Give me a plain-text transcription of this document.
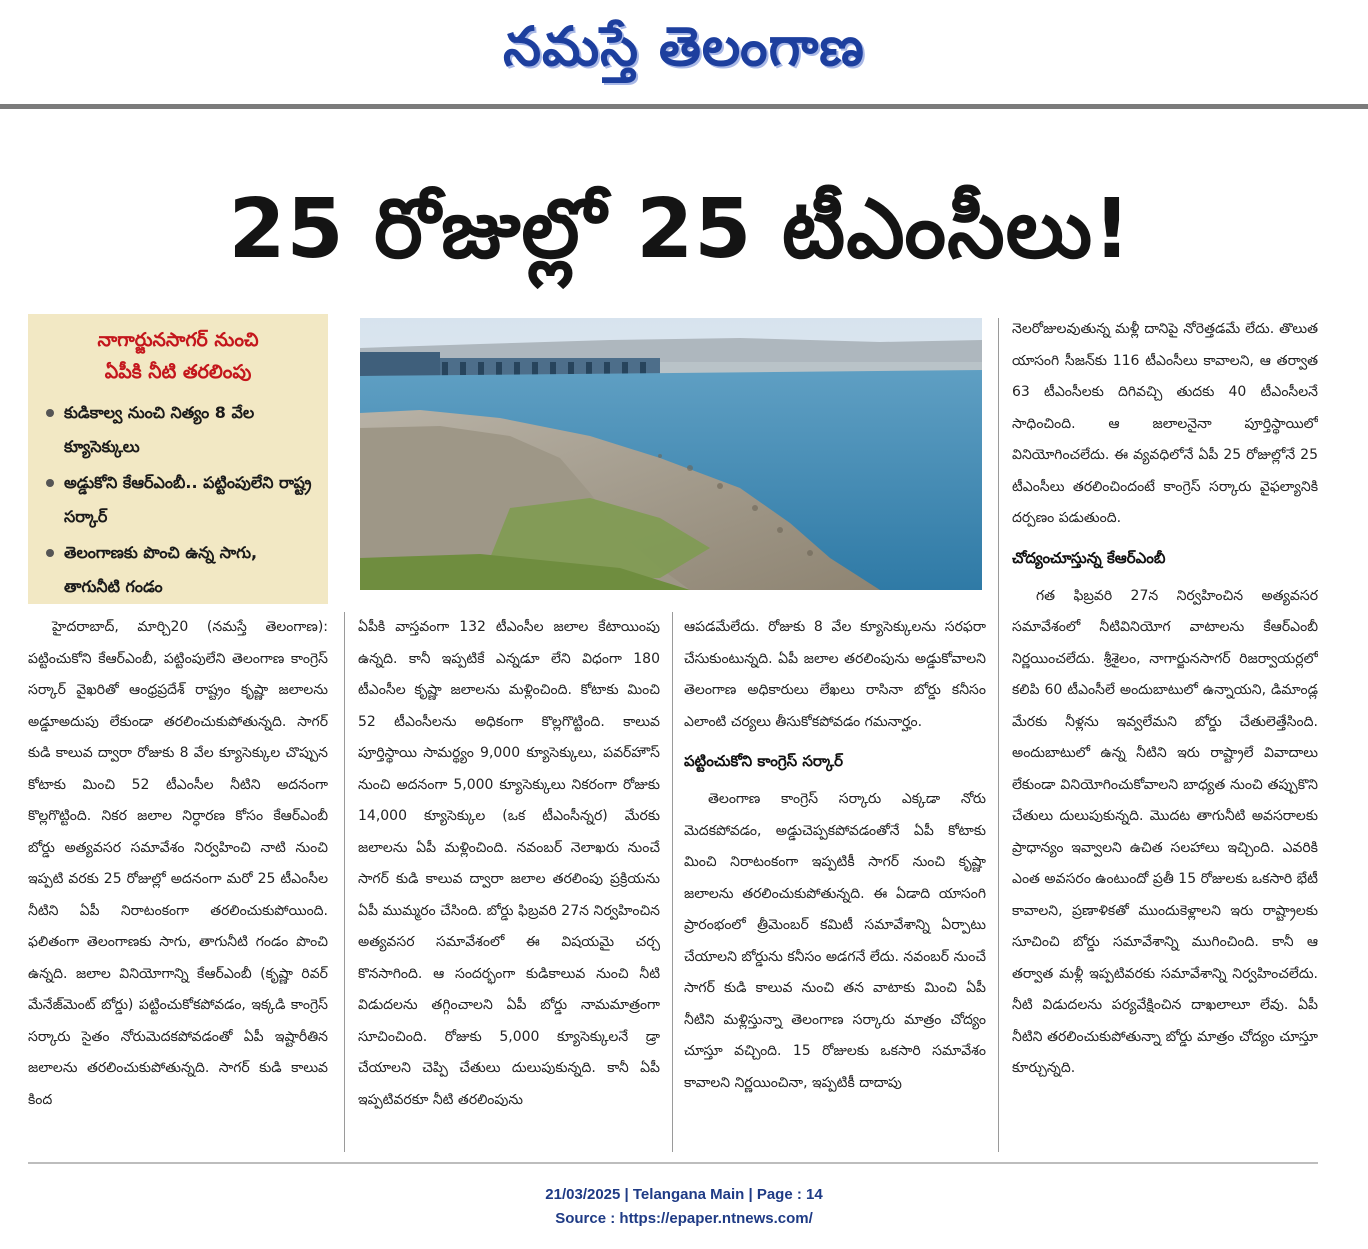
నమస్తే తెలంగాణ
25 రోజుల్లో 25 టీఎంసీలు!
నాగార్జునసాగర్ నుంచి
ఏపీకి నీటి తరలింపు
కుడికాల్వ నుంచి నిత్యం 8 వేల క్యూసెక్కులు
అడ్డుకోని కేఆర్‌ఎంబీ.. పట్టింపులేని రాష్ట్ర సర్కార్
తెలంగాణకు పొంచి ఉన్న సాగు, తాగునీటి గండం

హైదరాబాద్, మార్చి20 (నమస్తే తెలంగాణ): పట్టించుకోని కేఆర్‌ఎంబీ, పట్టింపులేని తెలంగాణ కాంగ్రెస్ సర్కార్ వైఖరితో ఆంధ్రప్రదేశ్ రాష్ట్రం కృష్ణా జలాలను అడ్డూఅదుపు లేకుండా తరలించుకుపోతున్నది. సాగర్ కుడి కాలువ ద్వారా రోజుకు 8 వేల క్యూసెక్కుల చొప్పున కోటాకు మించి 52 టీఎంసీల నీటిని అదనంగా కొల్లగొట్టింది. నికర జలాల నిర్ధారణ కోసం కేఆర్‌ఎంబీ బోర్డు అత్యవసర సమావేశం నిర్వహించి నాటి నుంచి ఇప్పటి వరకు 25 రోజుల్లో అదనంగా మరో 25 టీఎంసీల నీటిని ఏపీ నిరాటంకంగా తరలించుకుపోయింది. ఫలితంగా తెలంగాణకు సాగు, తాగునీటి గండం పొంచి ఉన్నది. జలాల వినియోగాన్ని కేఆర్‌ఎంబీ (కృష్ణా రివర్ మేనేజ్‌మెంట్ బోర్డు) పట్టించుకోకపోవడం, ఇక్కడి కాంగ్రెస్ సర్కారు సైతం నోరుమెదకపోవడంతో ఏపీ ఇష్టారీతిన జలాలను తరలించుకుపోతున్నది. సాగర్ కుడి కాలువ కింద

ఏపీకి వాస్తవంగా 132 టీఎంసీల జలాల కేటాయింపు ఉన్నది. కానీ ఇప్పటికే ఎన్నడూ లేని విధంగా 180 టీఎంసీల కృష్ణా జలాలను మళ్లించింది. కోటాకు మించి 52 టీఎంసీలను అధికంగా కొల్లగొట్టింది. కాలువ పూర్తిస్థాయి సామర్థ్యం 9,000 క్యూసెక్కులు, పవర్‌హౌస్ నుంచి అదనంగా 5,000 క్యూసెక్కులు నికరంగా రోజుకు 14,000 క్యూసెక్కుల (ఒక టీఎంసీన్నర) మేరకు జలాలను ఏపీ మళ్లించింది. నవంబర్ నెలాఖరు నుంచే సాగర్ కుడి కాలువ ద్వారా జలాల తరలింపు ప్రక్రియను ఏపీ ముమ్మరం చేసింది. బోర్డు ఫిబ్రవరి 27న నిర్వహించిన అత్యవసర సమావేశంలో ఈ విషయమై చర్చ కొనసాగింది. ఆ సందర్భంగా కుడికాలువ నుంచి నీటి విడుదలను తగ్గించాలని ఏపీ బోర్డు నామమాత్రంగా సూచించింది. రోజుకు 5,000 క్యూసెక్కులనే డ్రా చేయాలని చెప్పి చేతులు దులుపుకున్నది. కానీ ఏపీ ఇప్పటివరకూ నీటి తరలింపును

ఆపడమేలేదు. రోజుకు 8 వేల క్యూసెక్కులను సరఫరా చేసుకుంటున్నది. ఏపీ జలాల తరలింపును అడ్డుకోవాలని తెలంగాణ అధికారులు లేఖలు రాసినా బోర్డు కనీసం ఎలాంటి చర్యలు తీసుకోకపోవడం గమనార్హం.

పట్టించుకోని కాంగ్రెస్ సర్కార్

తెలంగాణ కాంగ్రెస్ సర్కారు ఎక్కడా నోరు మెదకపోవడం, అడ్డుచెప్పకపోవడంతోనే ఏపీ కోటాకు మించి నిరాటంకంగా ఇప్పటికీ సాగర్ నుంచి కృష్ణా జలాలను తరలించుకుపోతున్నది. ఈ ఏడాది యాసంగి ప్రారంభంలో త్రీమెంబర్ కమిటీ సమావేశాన్ని ఏర్పాటు చేయాలని బోర్డును కనీసం అడగనే లేదు. నవంబర్ నుంచే సాగర్ కుడి కాలువ నుంచి తన వాటాకు మించి ఏపీ నీటిని మళ్లిస్తున్నా తెలంగాణ సర్కారు మాత్రం చోద్యం చూస్తూ వచ్చింది. 15 రోజులకు ఒకసారి సమావేశం కావాలని నిర్ణయించినా, ఇప్పటికీ దాదాపు

నెలరోజులవుతున్న మళ్లీ దానిపై నోరెత్తడమే లేదు. తొలుత యాసంగి సీజన్‌కు 116 టీఎంసీలు కావాలని, ఆ తర్వాత 63 టీఎంసీలకు దిగివచ్చి తుదకు 40 టీఎంసీలనే సాధించింది. ఆ జలాలనైనా పూర్తిస్థాయిలో వినియోగించలేదు. ఈ వ్యవధిలోనే ఏపీ 25 రోజుల్లోనే 25 టీఎంసీలు తరలించిందంటే కాంగ్రెస్ సర్కారు వైఫల్యానికి దర్పణం పడుతుంది.

చోద్యంచూస్తున్న కేఆర్‌ఎంబీ

గత ఫిబ్రవరి 27న నిర్వహించిన అత్యవసర సమావేశంలో నీటివినియోగ వాటాలను కేఆర్‌ఎంబీ నిర్ణయించలేదు. శ్రీశైలం, నాగార్జునసాగర్ రిజర్వాయర్లలో కలిపి 60 టీఎంసీలే అందుబాటులో ఉన్నాయని, డిమాండ్ల మేరకు నీళ్లను ఇవ్వలేమని బోర్డు చేతులెత్తేసింది. అందుబాటులో ఉన్న నీటిని ఇరు రాష్ట్రాలే వివాదాలు లేకుండా వినియోగించుకోవాలని బాధ్యత నుంచి తప్పుకొని చేతులు దులుపుకున్నది. మొదట తాగునీటి అవసరాలకు ప్రాధాన్యం ఇవ్వాలని ఉచిత సలహాలు ఇచ్చింది. ఎవరికి ఎంత అవసరం ఉంటుందో ప్రతీ 15 రోజులకు ఒకసారి భేటీ కావాలని, ప్రణాళికతో ముందుకెళ్లాలని ఇరు రాష్ట్రాలకు సూచించి బోర్డు సమావేశాన్ని ముగించింది. కానీ ఆ తర్వాత మళ్లీ ఇప్పటివరకు సమావేశాన్ని నిర్వహించలేదు. నీటి విడుదలను పర్యవేక్షించిన దాఖలాలూ లేవు. ఏపీ నీటిని తరలించుకుపోతున్నా బోర్డు మాత్రం చోద్యం చూస్తూ కూర్చున్నది.

21/03/2025 | Telangana Main | Page : 14
Source : https://epaper.ntnews.com/
